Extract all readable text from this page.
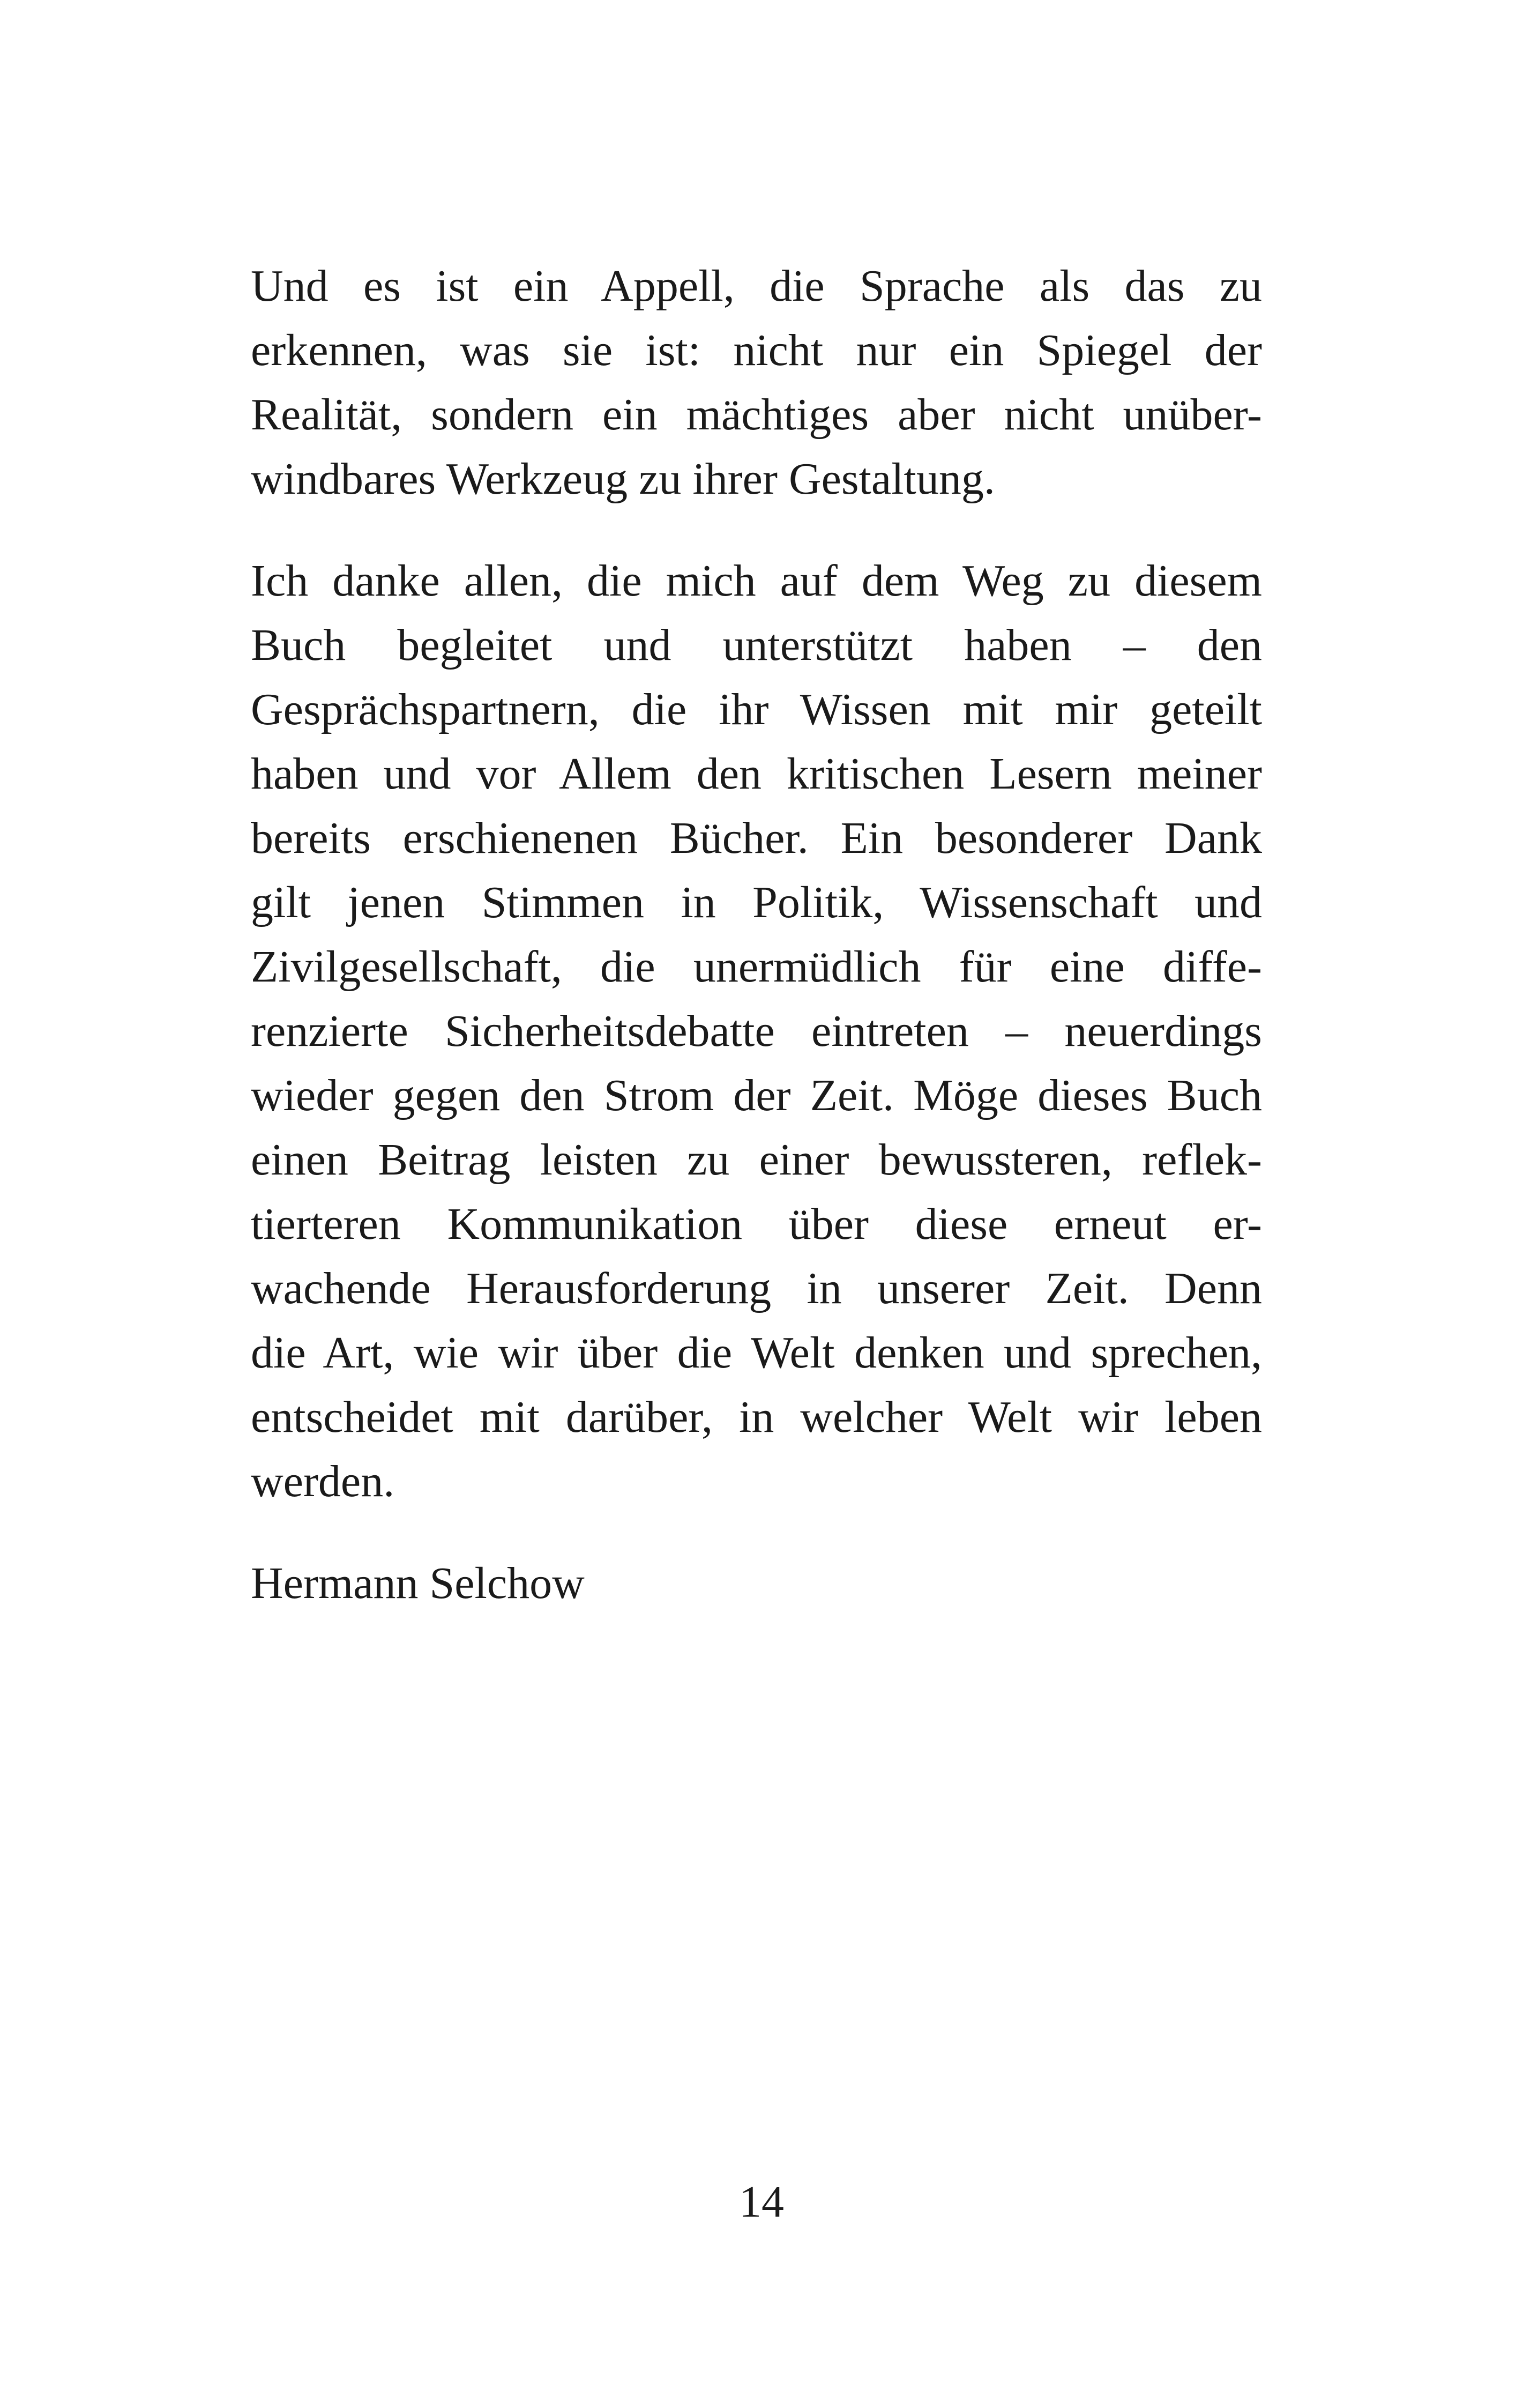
Und es ist ein Appell, die Sprache als das zu
erkennen, was sie ist: nicht nur ein Spiegel der
Realität, sondern ein mächtiges aber nicht unüber-
windbares Werkzeug zu ihrer Gestaltung.
Ich danke allen, die mich auf dem Weg zu diesem
Buch begleitet und unterstützt haben – den
Gesprächspartnern, die ihr Wissen mit mir geteilt
haben und vor Allem den kritischen Lesern meiner
bereits erschienenen Bücher. Ein besonderer Dank
gilt jenen Stimmen in Politik, Wissenschaft und
Zivilgesellschaft, die unermüdlich für eine diffe-
renzierte Sicherheitsdebatte eintreten – neuerdings
wieder gegen den Strom der Zeit. Möge dieses Buch
einen Beitrag leisten zu einer bewussteren, reflek-
tierteren Kommunikation über diese erneut er-
wachende Herausforderung in unserer Zeit. Denn
die Art, wie wir über die Welt denken und sprechen,
entscheidet mit darüber, in welcher Welt wir leben
werden.
Hermann Selchow
14
